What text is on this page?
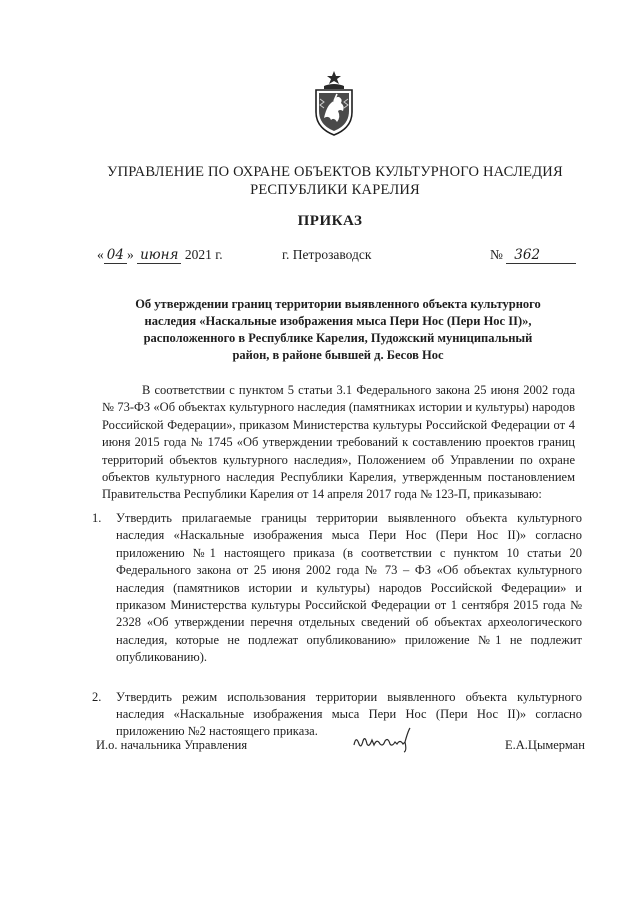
УПРАВЛЕНИЕ ПО ОХРАНЕ ОБЪЕКТОВ КУЛЬТУРНОГО НАСЛЕДИЯ
РЕСПУБЛИКИ КАРЕЛИЯ
ПРИКАЗ
« 04 » июня 2021 г.	г. Петрозаводск	№ 362
Об утверждении границ территории выявленного объекта культурного наследия «Наскальные изображения мыса Пери Нос (Пери Нос II)», расположенного в Республике Карелия, Пудожский муниципальный район, в районе бывшей д. Бесов Нос
В соответствии с пунктом 5 статьи 3.1 Федерального закона 25 июня 2002 года № 73-ФЗ «Об объектах культурного наследия (памятниках истории и культуры) народов Российской Федерации», приказом Министерства культуры Российской Федерации от 4 июня 2015 года № 1745 «Об утверждении требований к составлению проектов границ территорий объектов культурного наследия», Положением об Управлении по охране объектов культурного наследия Республики Карелия, утвержденным постановлением Правительства Республики Карелия от 14 апреля 2017 года № 123-П, приказываю:
1. Утвердить прилагаемые границы территории выявленного объекта культурного наследия «Наскальные изображения мыса Пери Нос (Пери Нос II)» согласно приложению №1 настоящего приказа (в соответствии с пунктом 10 статьи 20 Федерального закона от 25 июня 2002 года № 73 – ФЗ «Об объектах культурного наследия (памятников истории и культуры) народов Российской Федерации» и приказом Министерства культуры Российской Федерации от 1 сентября 2015 года № 2328 «Об утверждении перечня отдельных сведений об объектах археологического наследия, которые не подлежат опубликованию» приложение №1 не подлежит опубликованию).
2. Утвердить режим использования территории выявленного объекта культурного наследия «Наскальные изображения мыса Пери Нос (Пери Нос II)» согласно приложению №2 настоящего приказа.
И.о. начальника Управления	Е.А.Цымерман
